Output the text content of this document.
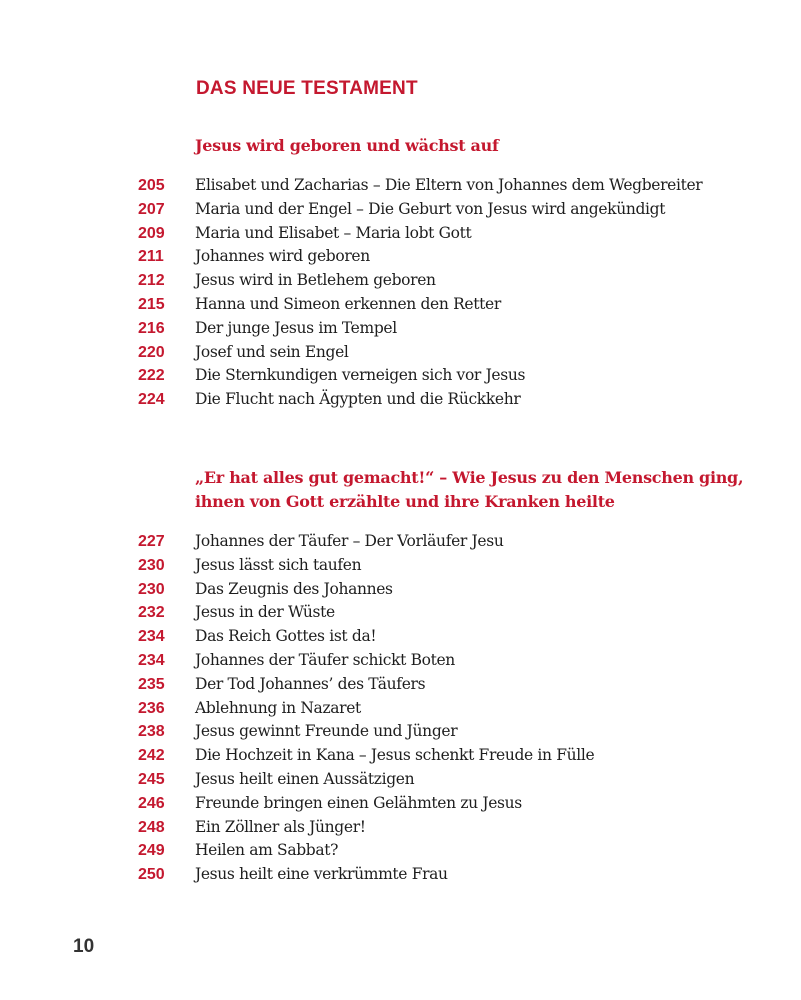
DAS NEUE TESTAMENT
Jesus wird geboren und wächst auf
205	Elisabet und Zacharias – Die Eltern von Johannes dem Wegbereiter
207	Maria und der Engel – Die Geburt von Jesus wird angekündigt
209	Maria und Elisabet – Maria lobt Gott
211	Johannes wird geboren
212	Jesus wird in Betlehem geboren
215	Hanna und Simeon erkennen den Retter
216	Der junge Jesus im Tempel
220	Josef und sein Engel
222	Die Sternkundigen verneigen sich vor Jesus
224	Die Flucht nach Ägypten und die Rückkehr
„Er hat alles gut gemacht!“ – Wie Jesus zu den Menschen ging, ihnen von Gott erzählte und ihre Kranken heilte
227	Johannes der Täufer – Der Vorläufer Jesu
230	Jesus lässt sich taufen
230	Das Zeugnis des Johannes
232	Jesus in der Wüste
234	Das Reich Gottes ist da!
234	Johannes der Täufer schickt Boten
235	Der Tod Johannes’ des Täufers
236	Ablehnung in Nazaret
238	Jesus gewinnt Freunde und Jünger
242	Die Hochzeit in Kana – Jesus schenkt Freude in Fülle
245	Jesus heilt einen Aussätzigen
246	Freunde bringen einen Gelähmten zu Jesus
248	Ein Zöllner als Jünger!
249	Heilen am Sabbat?
250	Jesus heilt eine verkrümmte Frau

10
